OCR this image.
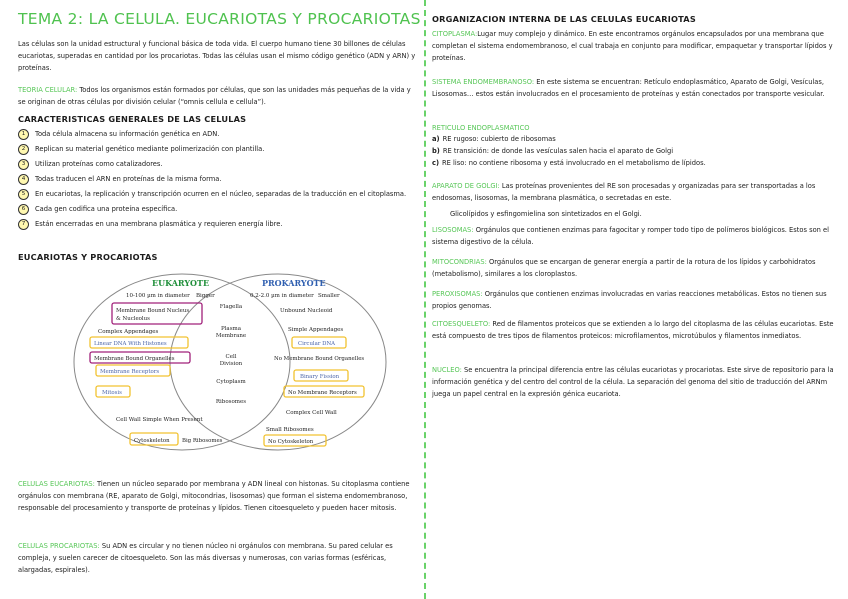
TEMA 2: LA CELULA. EUCARIOTAS Y PROCARIOTAS

Las células son la unidad estructural y funcional básica de toda vida. El cuerpo humano tiene 30 billones de células eucariotas, superadas en cantidad por los procariotas. Todas las células usan el mismo código genético (ADN y ARN) y proteínas.

TEORIA CELULAR: Todos los organismos están formados por células, que son las unidades más pequeñas de la vida y se originan de otras células por división celular (“omnis cellula e cellula”).

CARACTERISTICAS GENERALES DE LAS CELULAS

1	Toda célula almacena su información genética en ADN.
2	Replican su material genético mediante polimerización con plantilla.
3	Utilizan proteínas como catalizadores.
4	Todas traducen el ARN en proteínas de la misma forma.
5	En eucariotas, la replicación y transcripción ocurren en el núcleo, separadas de la traducción en el citoplasma.
6	Cada gen codifica una proteína específica.
7	Están encerradas en una membrana plasmática y requieren energía libre.

EUCARIOTAS Y PROCARIOTAS

EUKARYOTE
10-100 µm in diameter Bigger
Membrane Bound Nucleus
& Nucleolus
Complex Appendages
Linear DNA With Histones
Membrane Bound Organelles
Membrane Receptors
Mitosis
Cell Wall Simple When Present
Cytoskeleton Big Ribosomes
Flagella
Plasma
Membrane
Cell
Division
Cytoplasm
Ribosomes
PROKARYOTE
0.2-2.0 µm in diameter Smaller
Unbound Nucleoid
Simple Appendages
Circular DNA
No Membrane Bound Organelles
Binary Fission
No Membrane Receptors
Complex Cell Wall
Small Ribosomes
No Cytoskeleton

CELULAS EUCARIOTAS: Tienen un núcleo separado por membrana y ADN lineal con histonas. Su citoplasma contiene orgánulos con membrana (RE, aparato de Golgi, mitocondrias, lisosomas) que forman el sistema endomembranoso, responsable del procesamiento y transporte de proteínas y lípidos. Tienen citoesqueleto y pueden hacer mitosis.

CELULAS PROCARIOTAS: Su ADN es circular y no tienen núcleo ni orgánulos con membrana. Su pared celular es compleja, y suelen carecer de citoesqueleto. Son las más diversas y numerosas, con varias formas (esféricas, alargadas, espirales).

ORGANIZACION INTERNA DE LAS CELULAS EUCARIOTAS

CITOPLASMA:Lugar muy complejo y dinámico. En este encontramos orgánulos encapsulados por una membrana que completan el sistema endomembranoso, el cual trabaja en conjunto para modificar, empaquetar y transportar lípidos y proteínas.

SISTEMA ENDOMEMBRANOSO: En este sistema se encuentran: Retículo endoplasmático, Aparato de Golgi, Vesículas, Lisosomas… estos están involucrados en el procesamiento de proteínas y están conectados por transporte vesicular.

RETICULO ENDOPLASMATICO

a) RE rugoso: cubierto de ribosomas
b) RE transición: de donde las vesículas salen hacia el aparato de Golgi
c) RE liso: no contiene ribosoma y está involucrado en el metabolismo de lípidos.

APARATO DE GOLGI: Las proteínas provenientes del RE son procesadas y organizadas para ser transportadas a los endosomas, lisosomas, la membrana plasmática, o secretadas en este.

Glicolípidos y esfingomielina son sintetizados en el Golgi.

LISOSOMAS: Orgánulos que contienen enzimas para fagocitar y romper todo tipo de polímeros biológicos. Estos son el sistema digestivo de la célula.

MITOCONDRIAS: Orgánulos que se encargan de generar energía a partir de la rotura de los lípidos y carbohidratos (metabolismo), similares a los cloroplastos.

PEROXISOMAS: Orgánulos que contienen enzimas involucradas en varias reacciones metabólicas. Estos no tienen sus propios genomas.

CITOESQUELETO: Red de filamentos proteicos que se extienden a lo largo del citoplasma de las células eucariotas. Este está compuesto de tres tipos de filamentos proteicos: microfilamentos, microtúbulos y filamentos inmediatos.

NUCLEO: Se encuentra la principal diferencia entre las células eucariotas y procariotas. Este sirve de repositorio para la información genética y del centro del control de la célula. La separación del genoma del sitio de traducción del ARNm juega un papel central en la expresión génica eucariota.
